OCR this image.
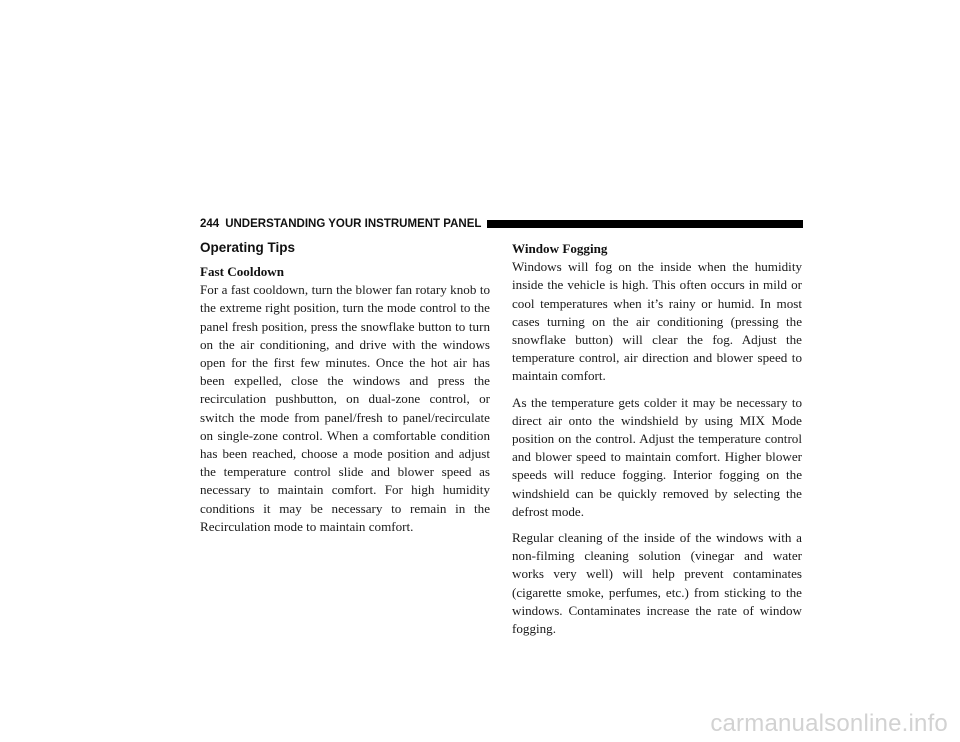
244 UNDERSTANDING YOUR INSTRUMENT PANEL
Operating Tips
Fast Cooldown

For a fast cooldown, turn the blower fan rotary knob to the extreme right position, turn the mode control to the panel fresh position, press the snowflake button to turn on the air conditioning, and drive with the windows open for the first few minutes. Once the hot air has been expelled, close the windows and press the recirculation pushbutton, on dual-zone control, or switch the mode from panel/fresh to panel/recirculate on single-zone control. When a comfortable condition has been reached, choose a mode position and adjust the temperature control slide and blower speed as necessary to maintain comfort. For high humidity conditions it may be necessary to remain in the Recirculation mode to maintain comfort.

Window Fogging

Windows will fog on the inside when the humidity inside the vehicle is high. This often occurs in mild or cool temperatures when it’s rainy or humid. In most cases turning on the air conditioning (pressing the snowflake button) will clear the fog. Adjust the temperature control, air direction and blower speed to maintain comfort.

As the temperature gets colder it may be necessary to direct air onto the windshield by using MIX Mode position on the control. Adjust the temperature control and blower speed to maintain comfort. Higher blower speeds will reduce fogging. Interior fogging on the windshield can be quickly removed by selecting the defrost mode.

Regular cleaning of the inside of the windows with a non-filming cleaning solution (vinegar and water works very well) will help prevent contaminates (cigarette smoke, perfumes, etc.) from sticking to the windows. Contaminates increase the rate of window fogging.

carmanualsonline.info
